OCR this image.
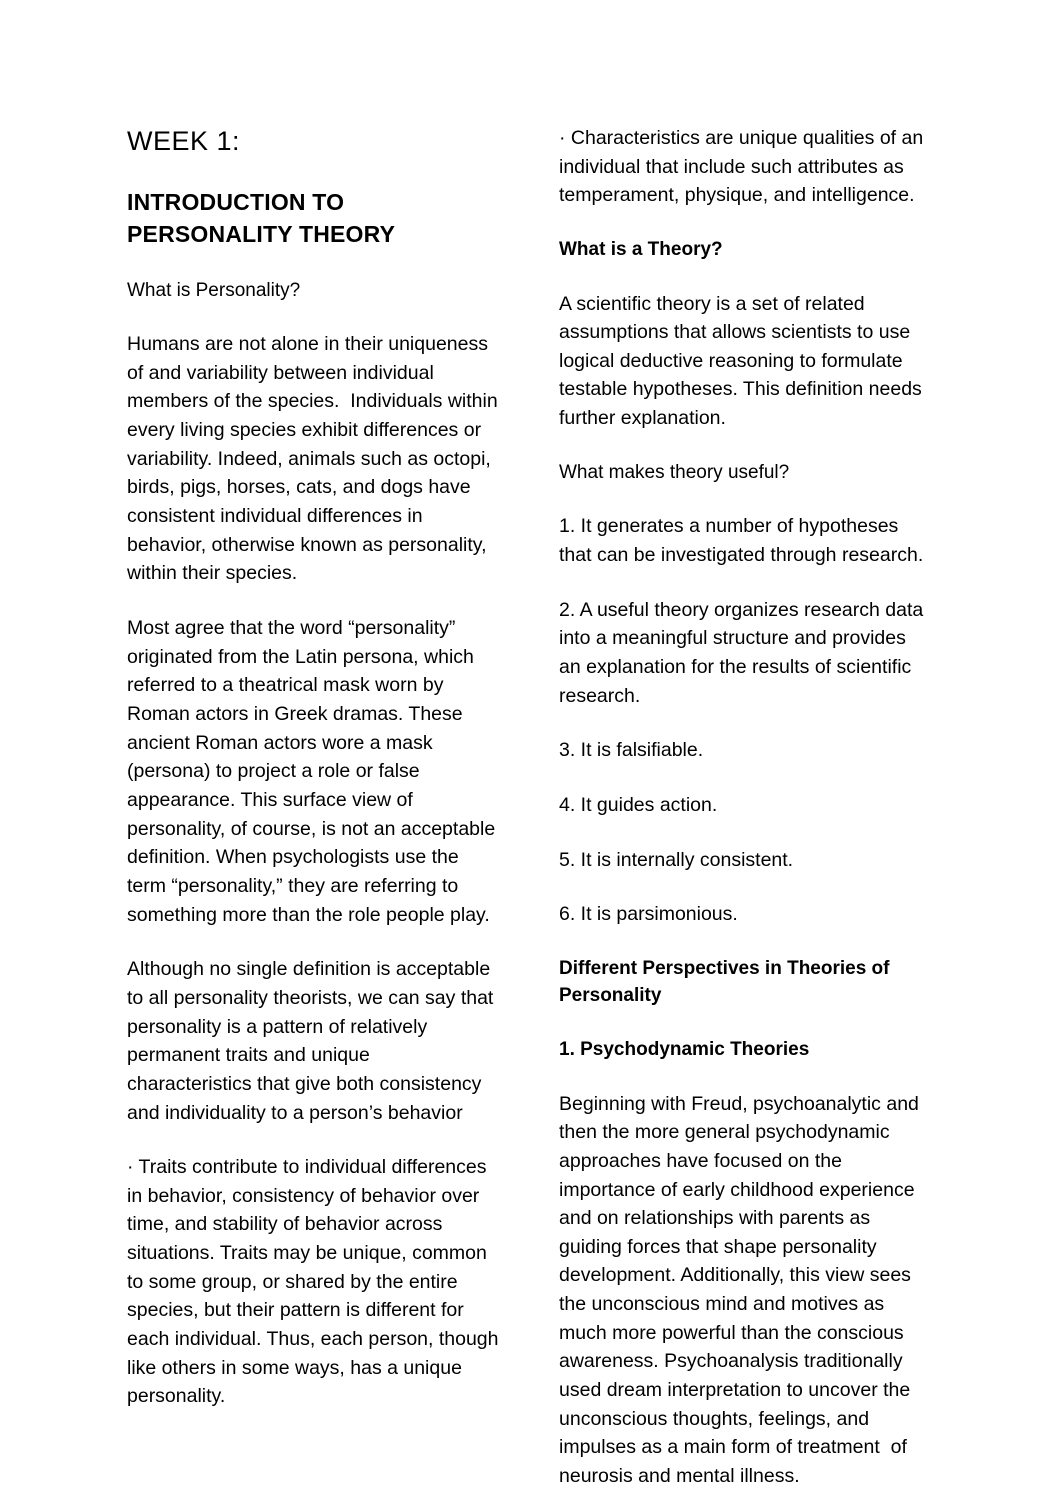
WEEK 1:
INTRODUCTION TO PERSONALITY THEORY

What is Personality?

Humans are not alone in their uniqueness of and variability between individual members of the species.  Individuals within every living species exhibit differences or variability. Indeed, animals such as octopi, birds, pigs, horses, cats, and dogs have consistent individual differences in behavior, otherwise known as personality, within their species.

Most agree that the word “personality” originated from the Latin persona, which referred to a theatrical mask worn by Roman actors in Greek dramas. These ancient Roman actors wore a mask (persona) to project a role or false appearance. This surface view of personality, of course, is not an acceptable definition. When psychologists use the term “personality,” they are referring to something more than the role people play.

Although no single definition is acceptable to all personality theorists, we can say that personality is a pattern of relatively permanent traits and unique characteristics that give both consistency and individuality to a person’s behavior

· Traits contribute to individual differences in behavior, consistency of behavior over time, and stability of behavior across situations. Traits may be unique, common to some group, or shared by the entire species, but their pattern is different for each individual. Thus, each person, though like others in some ways, has a unique personality.

· Characteristics are unique qualities of an individual that include such attributes as temperament, physique, and intelligence.

What is a Theory?

A scientific theory is a set of related assumptions that allows scientists to use logical deductive reasoning to formulate testable hypotheses. This definition needs further explanation.

What makes theory useful?

1. It generates a number of hypotheses that can be investigated through research.

2. A useful theory organizes research data into a meaningful structure and provides an explanation for the results of scientific research.

3. It is falsifiable.

4. It guides action.

5. It is internally consistent.

6. It is parsimonious.

Different Perspectives in Theories of Personality

1. Psychodynamic Theories

Beginning with Freud, psychoanalytic and then the more general psychodynamic approaches have focused on the importance of early childhood experience and on relationships with parents as guiding forces that shape personality development. Additionally, this view sees the unconscious mind and motives as much more powerful than the conscious awareness. Psychoanalysis traditionally used dream interpretation to uncover the unconscious thoughts, feelings, and impulses as a main form of treatment  of neurosis and mental illness.
